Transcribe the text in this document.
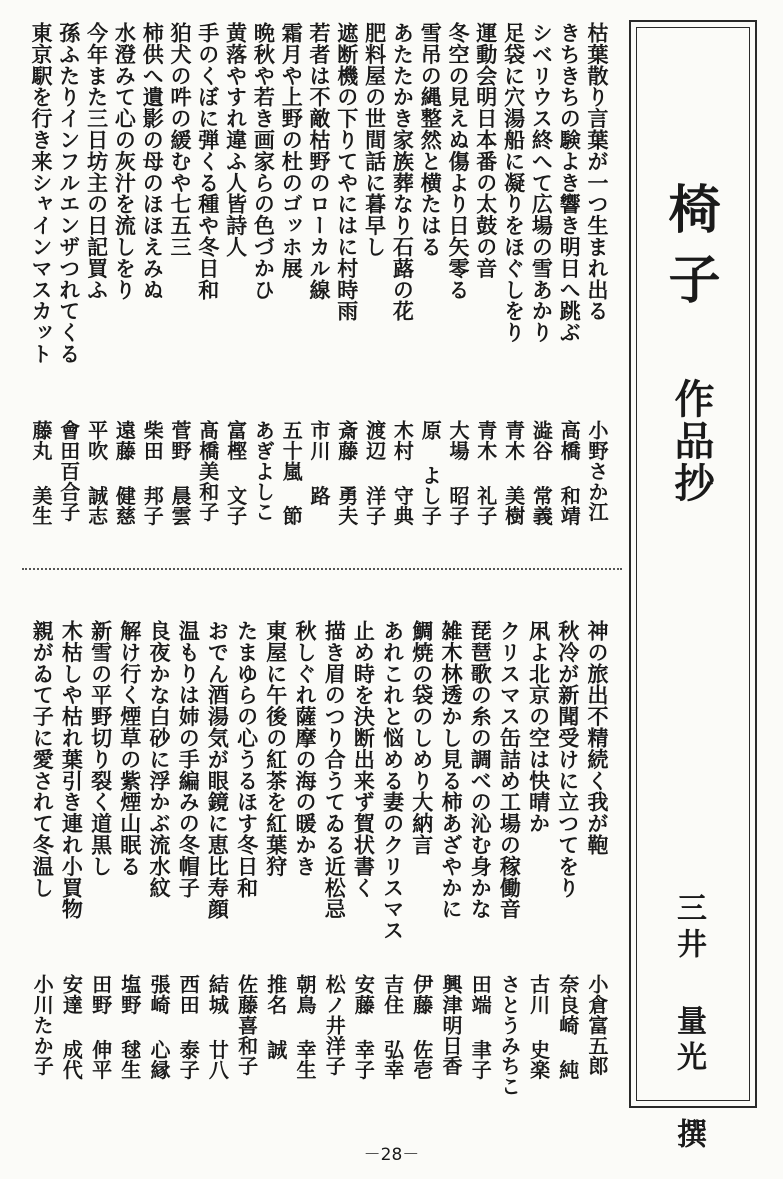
椅子
作品抄
三井 量光 撰
枯葉散り言葉が一つ生まれ出る
小野さか江
きちきちの験よき響き明日へ跳ぶ
高橋 和靖
シベリウス終へて広場の雪あかり
澁谷 常義
足袋に穴湯船に凝りをほぐしをり
青木 美樹
運動会明日本番の太鼓の音
青木 礼子
冬空の見えぬ傷より日矢零る
大場 昭子
雪吊の縄整然と横たはる
原 よし子
あたたかき家族葬なり石蕗の花
木村 守典
肥料屋の世間話に暮早し
渡辺 洋子
遮断機の下りてやにはに村時雨
斎藤 勇夫
若者は不敵枯野のローカル線
市川 路
霜月や上野の杜のゴッホ展
五十嵐 節
晩秋や若き画家らの色づかひ
あぎよしこ
黄落やすれ違ふ人皆詩人
富樫 文子
手のくぼに弾くる種や冬日和
髙橋美和子
狛犬の吽の緩むや七五三
菅野 晨雲
柿供へ遺影の母のほほえみぬ
柴田 邦子
水澄みて心の灰汁を流しをり
遠藤 健慈
今年また三日坊主の日記買ふ
平吹 誠志
孫ふたりインフルエンザつれてくる
會田百合子
東京駅を行き来シャインマスカット
藤丸 美生
神の旅出不精続く我が鞄
小倉富五郎
秋冷が新聞受けに立つてをり
奈良崎 純
凩よ北京の空は快晴か
古川 史楽
クリスマス缶詰め工場の稼働音
さとうみちこ
琵琶歌の糸の調べの沁む身かな
田端 聿子
雑木林透かし見る柿あざやかに
興津明日香
鯛焼の袋のしめり大納言
伊藤 佐壱
あれこれと悩める妻のクリスマス
吉住 弘幸
止め時を決断出来ず賀状書く
安藤 幸子
描き眉のつり合うてゐる近松忌
松ノ井洋子
秋しぐれ薩摩の海の暖かき
朝鳥 幸生
東屋に午後の紅茶を紅葉狩
推名 誠
たまゆらの心うるほす冬日和
佐藤喜和子
おでん酒湯気が眼鏡に恵比寿顔
結城 廿八
温もりは姉の手編みの冬帽子
西田 泰子
良夜かな白砂に浮かぶ流水紋
張崎 心縁
解け行く煙草の紫煙山眠る
塩野 毬生
新雪の平野切り裂く道黒し
田野 伸平
木枯しや枯れ葉引き連れ小買物
安達 成代
親がゐて子に愛されて冬温し
小川たか子
－28－
